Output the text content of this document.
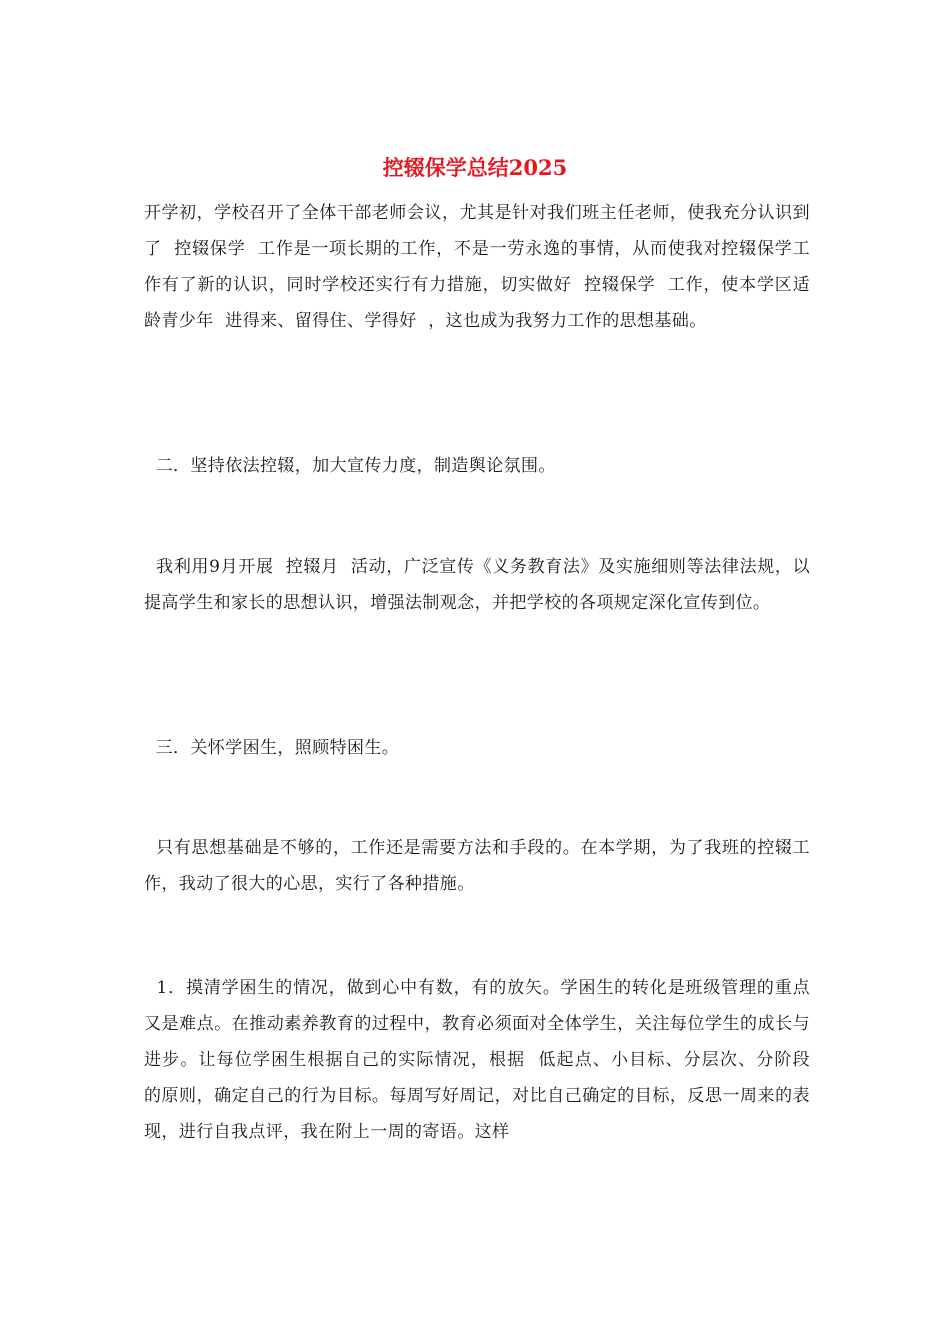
控辍保学总结2025

开学初，学校召开了全体干部老师会议，尤其是针对我们班主任老师，使我充分认识到了  控辍保学  工作是一项长期的工作，不是一劳永逸的事情，从而使我对控辍保学工作有了新的认识，同时学校还实行有力措施，切实做好  控辍保学  工作，使本学区适龄青少年  进得来、留得住、学得好  ，这也成为我努力工作的思想基础。

二．坚持依法控辍，加大宣传力度，制造舆论氛围。

我利用9月开展  控辍月  活动，广泛宣传《义务教育法》及实施细则等法律法规，以提高学生和家长的思想认识，增强法制观念，并把学校的各项规定深化宣传到位。

三．关怀学困生，照顾特困生。

只有思想基础是不够的，工作还是需要方法和手段的。在本学期，为了我班的控辍工作，我动了很大的心思，实行了各种措施。

1．摸清学困生的情况，做到心中有数，有的放矢。学困生的转化是班级管理的重点又是难点。在推动素养教育的过程中，教育必须面对全体学生，关注每位学生的成长与进步。让每位学困生根据自己的实际情况，根据  低起点、小目标、分层次、分阶段  的原则，确定自己的行为目标。每周写好周记，对比自己确定的目标，反思一周来的表现，进行自我点评，我在附上一周的寄语。这样
